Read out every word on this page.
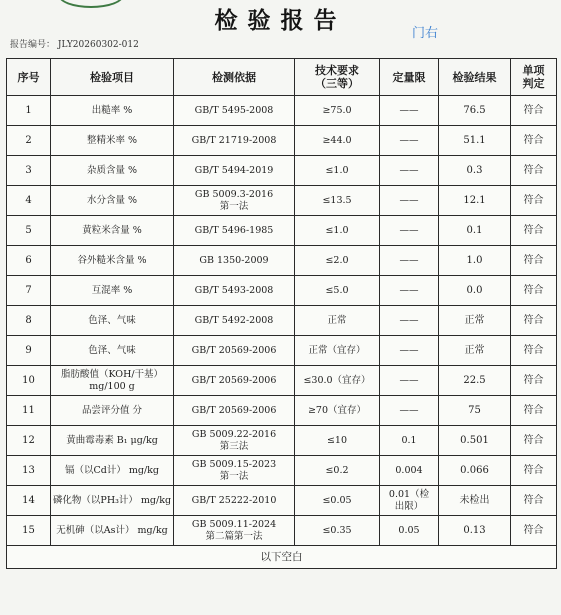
检验报告	门右
报告编号： JLY20260302-012
序号	检验项目	检测依据	技术要求
（三等）	定量限	检验结果	单项
判定

1	出糙率 %	GB/T 5495-2008	≥75.0	——	76.5	符合

2	整精米率 %	GB/T 21719-2008	≥44.0	——	51.1	符合

3	杂质含量 %	GB/T 5494-2019	≤1.0	——	0.3	符合

4	水分含量 %	GB 5009.3-2016
第一法	≤13.5	——	12.1	符合

5	黄粒米含量 %	GB/T 5496-1985	≤1.0	——	0.1	符合

6	谷外糙米含量 %	GB 1350-2009	≤2.0	——	1.0	符合

7	互混率 %	GB/T 5493-2008	≤5.0	——	0.0	符合

8	色泽、气味	GB/T 5492-2008	正常	——	正常	符合

9	色泽、气味	GB/T 20569-2006	正常（宜存）	——	正常	符合

10	脂肪酸值（KOH/干基）
mg/100 g	GB/T 20569-2006	≤30.0（宜存）	——	22.5	符合

11	品尝评分值 分	GB/T 20569-2006	≥70（宜存）	——	75	符合

12	黄曲霉毒素 B₁ μg/kg	GB 5009.22-2016
第三法	≤10	0.1	0.501	符合

13	镉（以Cd计） mg/kg	GB 5009.15-2023
第一法	≤0.2	0.004	0.066	符合

14	磷化物（以PH₃计） mg/kg	GB/T 25222-2010	≤0.05	0.01（检
出限）	未检出	符合

15	无机砷（以As计） mg/kg	GB 5009.11-2024
第二篇第一法	≤0.35	0.05	0.13	符合

以下空白						
